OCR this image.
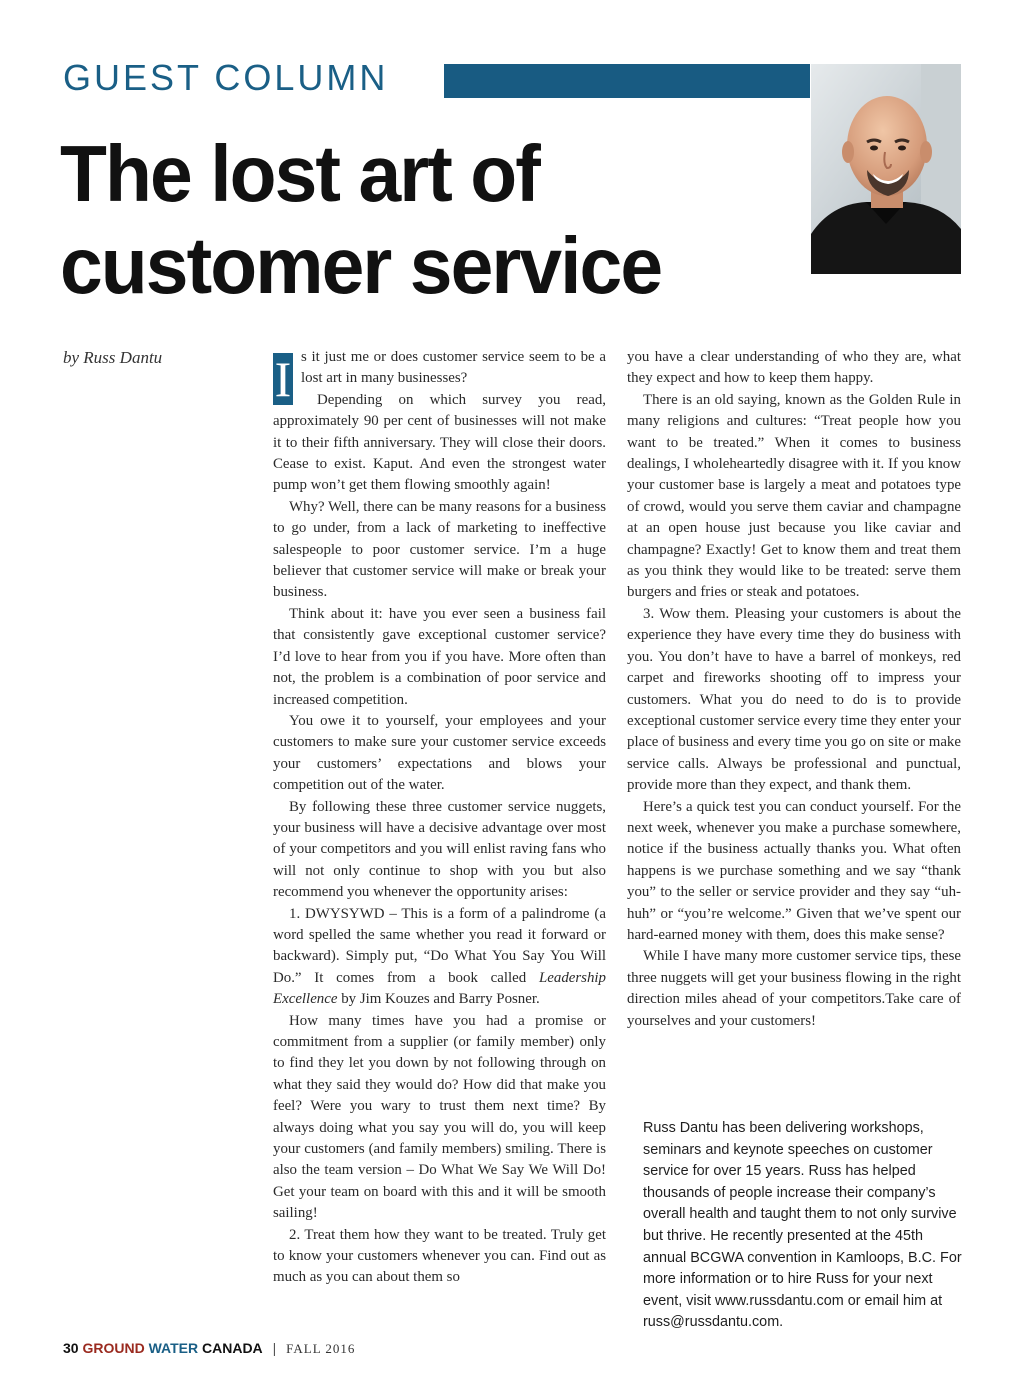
GUEST COLUMN
The lost art of
customer service
by Russ Dantu I s it just me or does customer service seem to be a lost art in many businesses?

Depending on which survey you read, approximately 90 per cent of businesses will not make it to their fifth anniversary. They will close their doors. Cease to exist. Kaput. And even the strongest water pump won’t get them flowing smoothly again!

Why? Well, there can be many reasons for a business to go under, from a lack of marketing to ineffective salespeople to poor customer service. I’m a huge believer that customer service will make or break your business.

Think about it: have you ever seen a business fail that consistently gave exceptional customer service? I’d love to hear from you if you have. More often than not, the problem is a combination of poor service and increased competition.

You owe it to yourself, your employees and your customers to make sure your customer service exceeds your customers’ expectations and blows your competition out of the water.

By following these three customer service nuggets, your business will have a decisive advantage over most of your competitors and you will enlist raving fans who will not only continue to shop with you but also recommend you whenever the opportunity arises:

1. DWYSYWD – This is a form of a palindrome (a word spelled the same whether you read it forward or backward). Simply put, “Do What You Say You Will Do.” It comes from a book called Leadership Excellence by Jim Kouzes and Barry Posner.

How many times have you had a promise or commitment from a supplier (or family member) only to find they let you down by not following through on what they said they would do? How did that make you feel? Were you wary to trust them next time? By always doing what you say you will do, you will keep your customers (and family members) smiling. There is also the team version – Do What We Say We Will Do! Get your team on board with this and it will be smooth sailing!

2. Treat them how they want to be treated. Truly get to know your customers whenever you can. Find out as much as you can about them so

you have a clear understanding of who they are, what they expect and how to keep them happy.

There is an old saying, known as the Golden Rule in many religions and cultures: “Treat people how you want to be treated.” When it comes to business dealings, I wholeheartedly disagree with it. If you know your customer base is largely a meat and potatoes type of crowd, would you serve them caviar and champagne at an open house just because you like caviar and champagne? Exactly! Get to know them and treat them as you think they would like to be treated: serve them burgers and fries or steak and potatoes.

3. Wow them. Pleasing your customers is about the experience they have every time they do business with you. You don’t have to have a barrel of monkeys, red carpet and fireworks shooting off to impress your customers. What you do need to do is to provide exceptional customer service every time they enter your place of business and every time you go on site or make service calls. Always be professional and punctual, provide more than they expect, and thank them.

Here’s a quick test you can conduct yourself. For the next week, whenever you make a purchase somewhere, notice if the business actually thanks you. What often happens is we purchase something and we say “thank you” to the seller or service provider and they say “uh-huh” or “you’re welcome.” Given that we’ve spent our hard-earned money with them, does this make sense?

While I have many more customer service tips, these three nuggets will get your business flowing in the right direction miles ahead of your competitors.Take care of yourselves and your customers!

Russ Dantu has been delivering workshops, seminars and keynote speeches on customer service for over 15 years. Russ has helped thousands of people increase their company’s overall health and taught them to not only survive but thrive. He recently presented at the 45th annual BCGWA convention in Kamloops, B.C. For more information or to hire Russ for your next event, visit www.russdantu.com or email him at russ@russdantu.com.
30 GROUND WATER CANADA | FALL 2016
